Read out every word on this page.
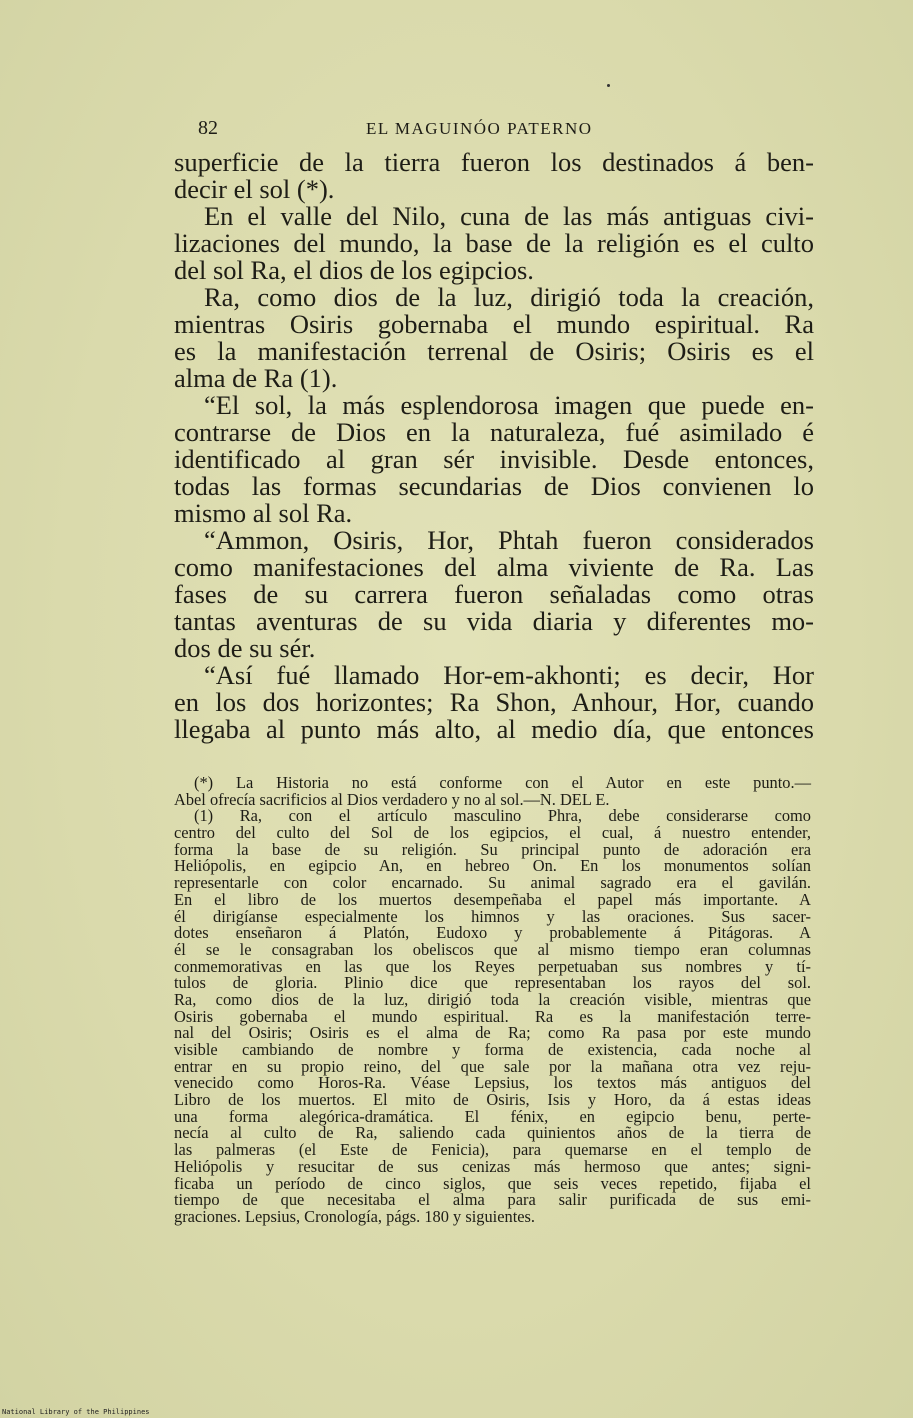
82	EL MAGUINÓO PATERNO
superficie de la tierra fueron los destinados á ben-
decir el sol (*).
En el valle del Nilo, cuna de las más antiguas civi-
lizaciones del mundo, la base de la religión es el culto
del sol Ra, el dios de los egipcios.
Ra, como dios de la luz, dirigió toda la creación,
mientras Osiris gobernaba el mundo espiritual. Ra
es la manifestación terrenal de Osiris; Osiris es el
alma de Ra (1).
“El sol, la más esplendorosa imagen que puede en-
contrarse de Dios en la naturaleza, fué asimilado é
identificado al gran sér invisible. Desde entonces,
todas las formas secundarias de Dios convienen lo
mismo al sol Ra.
“Ammon, Osiris, Hor, Phtah fueron considerados
como manifestaciones del alma viviente de Ra. Las
fases de su carrera fueron señaladas como otras
tantas aventuras de su vida diaria y diferentes mo-
dos de su sér.
“Así fué llamado Hor-em-akhonti; es decir, Hor
en los dos horizontes; Ra Shon, Anhour, Hor, cuando
llegaba al punto más alto, al medio día, que entonces
(*) La Historia no está conforme con el Autor en este punto.—
Abel ofrecía sacrificios al Dios verdadero y no al sol.—N. DEL E.
(1) Ra, con el artículo masculino Phra, debe considerarse como
centro del culto del Sol de los egipcios, el cual, á nuestro entender,
forma la base de su religión. Su principal punto de adoración era
Heliópolis, en egipcio An, en hebreo On. En los monumentos solían
representarle con color encarnado. Su animal sagrado era el gavilán.
En el libro de los muertos desempeñaba el papel más importante. A
él dirigíanse especialmente los himnos y las oraciones. Sus sacer-
dotes enseñaron á Platón, Eudoxo y probablemente á Pitágoras. A
él se le consagraban los obeliscos que al mismo tiempo eran columnas
conmemorativas en las que los Reyes perpetuaban sus nombres y tí-
tulos de gloria. Plinio dice que representaban los rayos del sol.
Ra, como dios de la luz, dirigió toda la creación visible, mientras que
Osiris gobernaba el mundo espiritual. Ra es la manifestación terre-
nal del Osiris; Osiris es el alma de Ra; como Ra pasa por este mundo
visible cambiando de nombre y forma de existencia, cada noche al
entrar en su propio reino, del que sale por la mañana otra vez reju-
venecido como Horos-Ra. Véase Lepsius, los textos más antiguos del
Libro de los muertos. El mito de Osiris, Isis y Horo, da á estas ideas
una forma alegórica-dramática. El fénix, en egipcio benu, perte-
necía al culto de Ra, saliendo cada quinientos años de la tierra de
las palmeras (el Este de Fenicia), para quemarse en el templo de
Heliópolis y resucitar de sus cenizas más hermoso que antes; signi-
ficaba un período de cinco siglos, que seis veces repetido, fijaba el
tiempo de que necesitaba el alma para salir purificada de sus emi-
graciones. Lepsius, Cronología, págs. 180 y siguientes.
National Library of the Philippines
